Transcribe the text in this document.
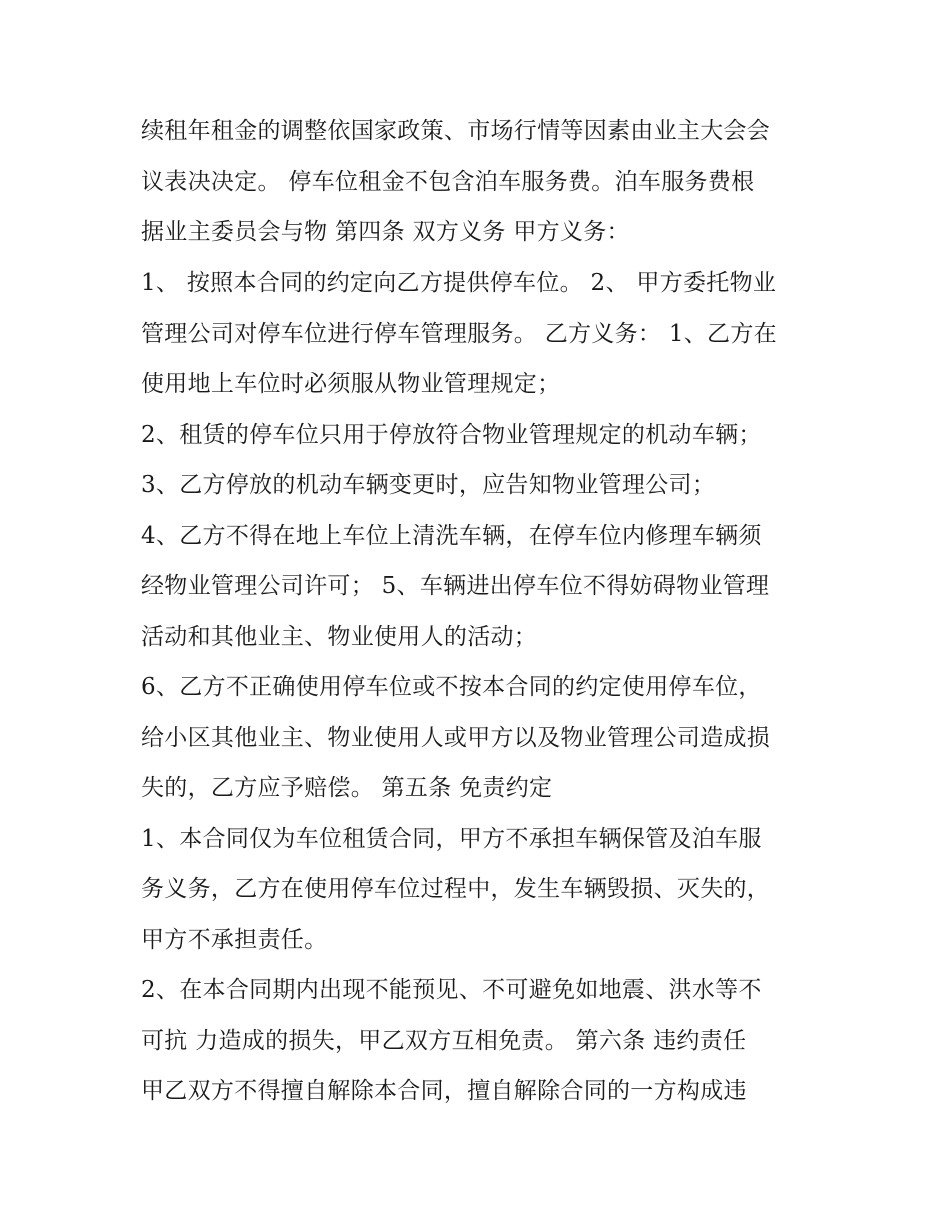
续租年租金的调整依国家政策、市场行情等因素由业主大会会
议表决决定。 停车位租金不包含泊车服务费。泊车服务费根
据业主委员会与物 第四条 双方义务 甲方义务：
1、 按照本合同的约定向乙方提供停车位。 2、 甲方委托物业
管理公司对停车位进行停车管理服务。 乙方义务： 1、乙方在
使用地上车位时必须服从物业管理规定；
2、租赁的停车位只用于停放符合物业管理规定的机动车辆；
3、乙方停放的机动车辆变更时，应告知物业管理公司；
4、乙方不得在地上车位上清洗车辆，在停车位内修理车辆须
经物业管理公司许可； 5、车辆进出停车位不得妨碍物业管理
活动和其他业主、物业使用人的活动；
6、乙方不正确使用停车位或不按本合同的约定使用停车位，
给小区其他业主、物业使用人或甲方以及物业管理公司造成损
失的，乙方应予赔偿。 第五条 免责约定
1、本合同仅为车位租赁合同，甲方不承担车辆保管及泊车服
务义务，乙方在使用停车位过程中，发生车辆毁损、灭失的，
甲方不承担责任。
2、在本合同期内出现不能预见、不可避免如地震、洪水等不
可抗 力造成的损失，甲乙双方互相免责。 第六条 违约责任
甲乙双方不得擅自解除本合同，擅自解除合同的一方构成违
